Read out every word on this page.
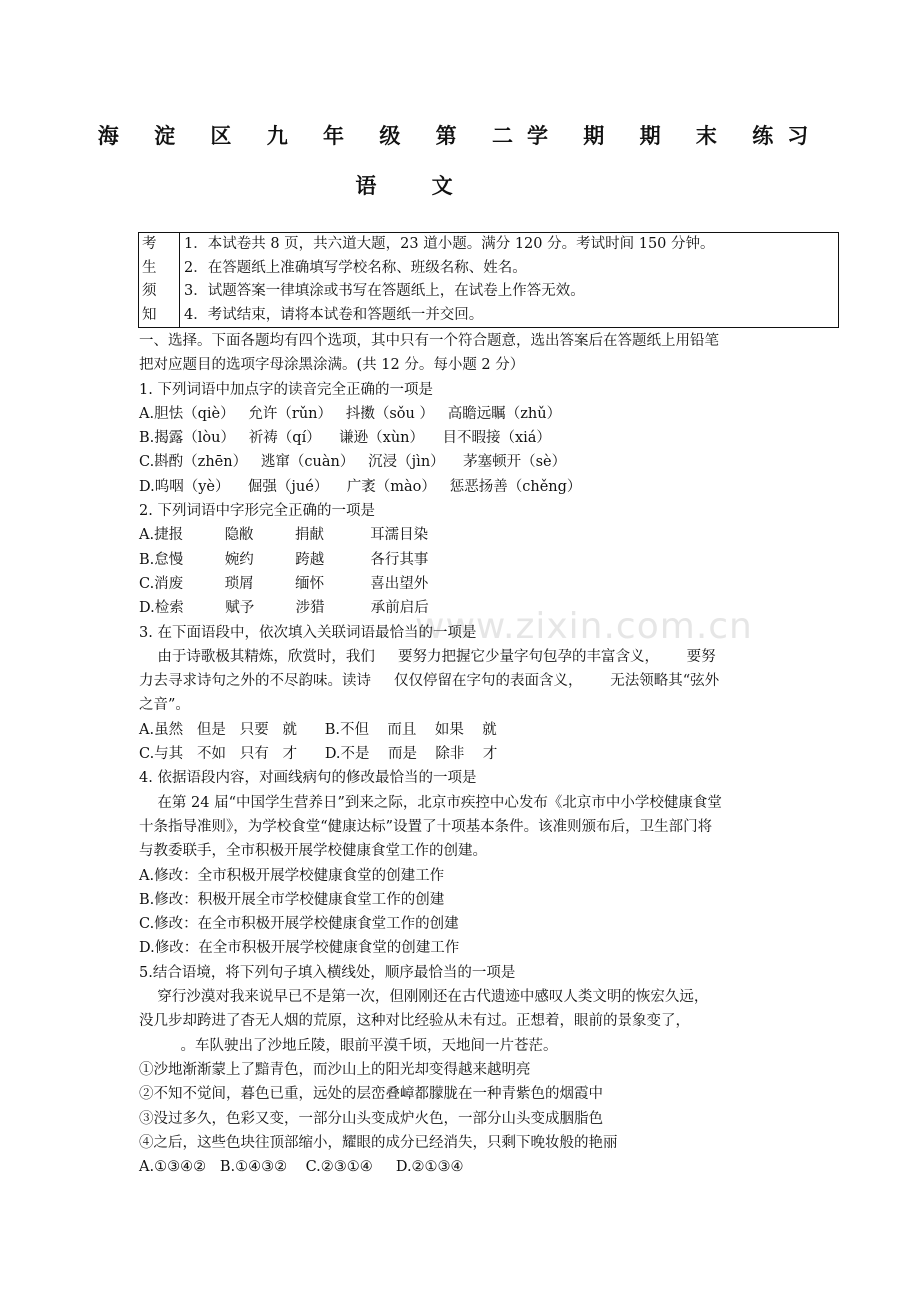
www.zixin.com.cn
海 淀 区 九 年 级 第 二学 期 期 末 练习
语 文
考	1．本试卷共 8 页，共六道大题，23 道小题。满分 120 分。考试时间 150 分钟。
生	2．在答题纸上准确填写学校名称、班级名称、姓名。
须	3．试题答案一律填涂或书写在答题纸上，在试卷上作答无效。
知	4．考试结束，请将本试卷和答题纸一并交回。
一、选择。下面各题均有四个选项，其中只有一个符合题意，选出答案后在答题纸上用铅笔
把对应题目的选项字母涂黑涂满。(共 12 分。每小题 2 分）
1. 下列词语中加点字的读音完全正确的一项是
A.胆怯（qiè）   允许（rǔn）   抖擞（sǒu ）   高瞻远瞩（zhǔ）
B.揭露（lòu）   祈祷（qí）    谦逊（xùn）    目不暇接（xiá）
C.斟酌（zhēn）   逃窜（cuàn）   沉浸（jìn）    茅塞顿开（sè）
D.呜咽（yè）    倔强（jué）    广袤（mào）   惩恶扬善（chěng）
2. 下列词语中字形完全正确的一项是
A.捷报         隐敝         捐献          耳濡目染
B.怠慢         婉约         跨越          各行其事
C.消废         琐屑         缅怀          喜出望外
D.检索         赋予         涉猎          承前启后
3. 在下面语段中，依次填入关联词语最恰当的一项是
由于诗歌极其精炼，欣赏时，我们     要努力把握它少量字句包孕的丰富含义，      要努
力去寻求诗句之外的不尽韵味。读诗     仅仅停留在字句的表面含义，      无法领略其“弦外
之音”。
A.虽然   但是   只要   就      B.不但    而且    如果    就
C.与其   不如   只有   才      D.不是    而是    除非    才
4. 依据语段内容，对画线病句的修改最恰当的一项是
在第 24 届“中国学生营养日”到来之际，北京市疾控中心发布《北京市中小学校健康食堂
十条指导准则》，为学校食堂“健康达标”设置了十项基本条件。该准则颁布后，卫生部门将
与教委联手，全市积极开展学校健康食堂工作的创建。
A.修改：全市积极开展学校健康食堂的创建工作
B.修改：积极开展全市学校健康食堂工作的创建
C.修改：在全市积极开展学校健康食堂工作的创建
D.修改：在全市积极开展学校健康食堂的创建工作
5.结合语境，将下列句子填入横线处，顺序最恰当的一项是
穿行沙漠对我来说早已不是第一次，但刚刚还在古代遗迹中感叹人类文明的恢宏久远，
没几步却跨进了杳无人烟的荒原，这种对比经验从未有过。正想着，眼前的景象变了，
。车队驶出了沙地丘陵，眼前平漠千顷，天地间一片苍茫。
①沙地渐渐蒙上了黯青色，而沙山上的阳光却变得越来越明亮
②不知不觉间，暮色已重，远处的层峦叠嶂都朦胧在一种青紫色的烟霞中
③没过多久，色彩又变，一部分山头变成炉火色，一部分山头变成胭脂色
④之后，这些色块往顶部缩小，耀眼的成分已经消失，只剩下晚妆般的艳丽
A.①③④②   B.①④③②    C.②③①④     D.②①③④
